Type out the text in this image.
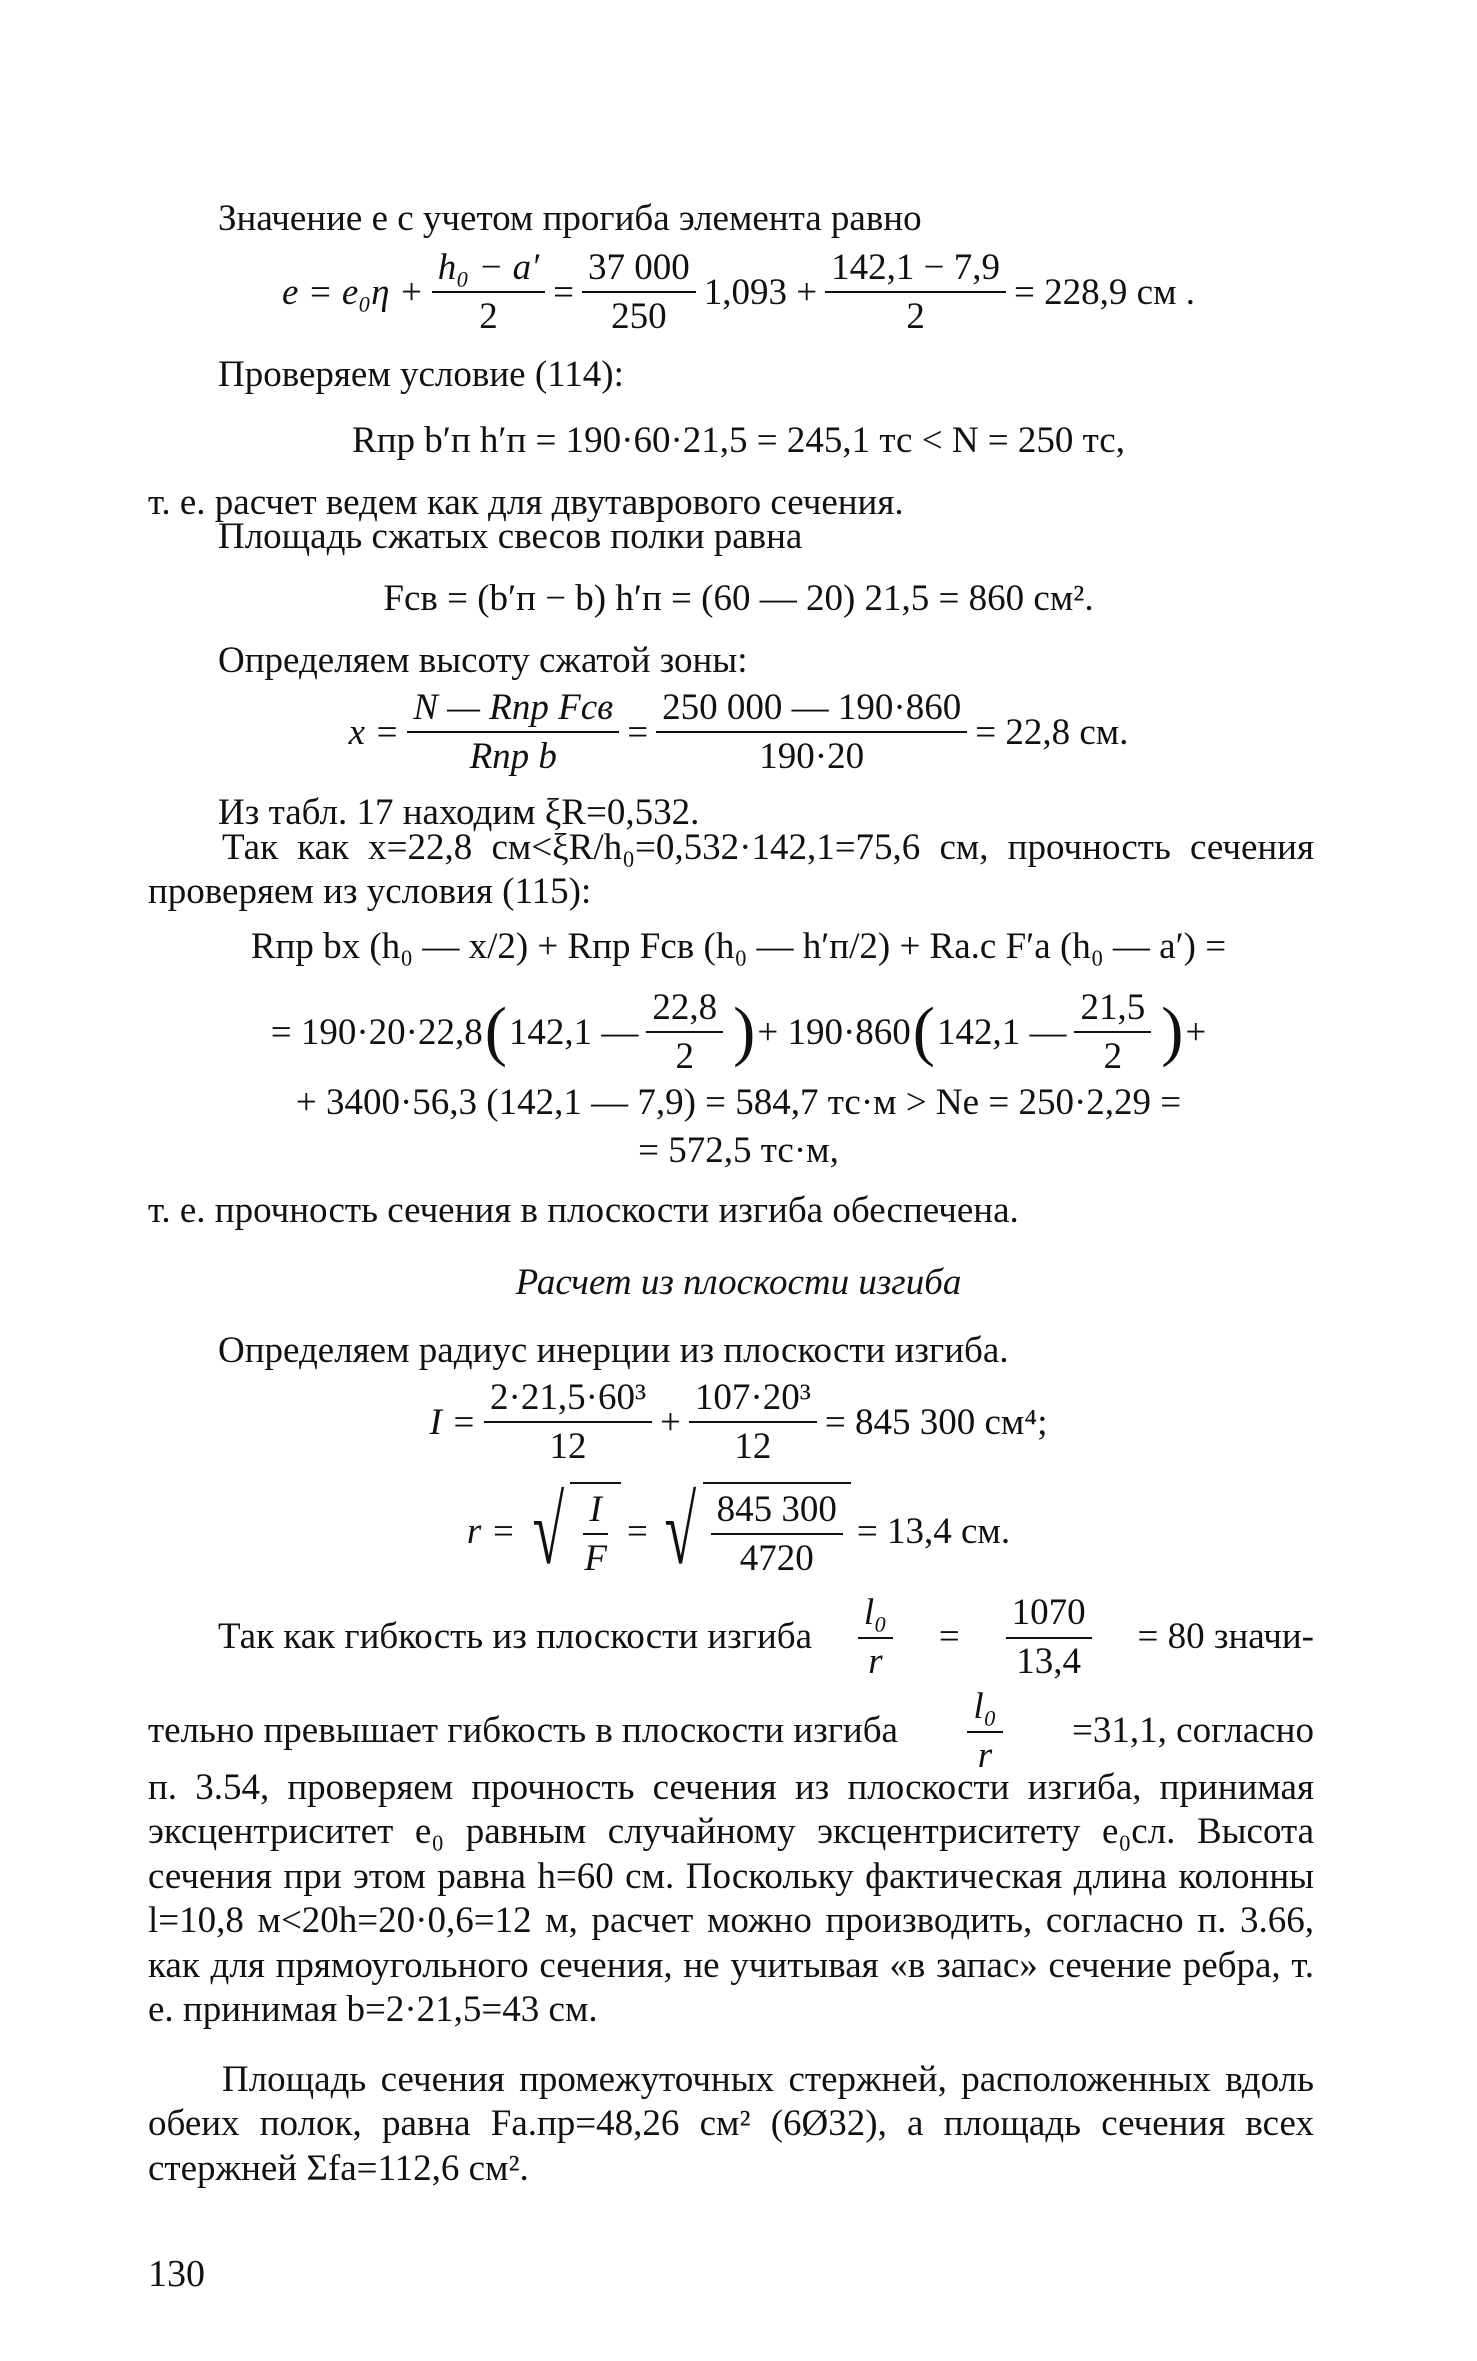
Значение e с учетом прогиба элемента равно
$e = e_0\eta + \frac{\text{h₀ − a′}}{2} = \frac{37 000}{250} 1,093 + \frac{142,1 - 7,9}{2} = 228,9$ см .
Проверяем условие (114):
Rпр b′п h′п = 190·60·21,5 = 245,1 тс < N = 250 тс,
т. е. расчет ведем как для двутаврового сечения.
Площадь сжатых свесов полки равна
Fсв = (b′п − b) h′п = (60 — 20) 21,5 = 860 см².
Определяем высоту сжатой зоны:
$x = \frac{\text{N — Rпр Fсв}}{\text{Rпр b}} = \frac{250 000 — 190\cdot 860}{190\cdot 20} = 22,8$ см.
Из табл. 17 находим ξR=0,532.
Так как x=22,8 см<ξR/h₀=0,532·142,1=75,6 см, прочность сечения проверяем из условия (115):
Rпр bx (h₀ — x/2) + Rпр Fсв (h₀ — h′п/2) + Rа.с F′а (h₀ — a′) =
= 190·20·22,8 ( 142,1 — $\frac{22,8}{2}$ ) + 190·860 ( 142,1 — $\frac{21,5}{2}$ ) +
+ 3400·56,3 (142,1 — 7,9) = 584,7 тс·м > Ne = 250·2,29 =
= 572,5 тс·м,
т. е. прочность сечения в плоскости изгиба обеспечена.
Расчет из плоскости изгиба
Определяем радиус инерции из плоскости изгиба.
$I = \frac{\text{2·21,5·60³}}{12} + \frac{\text{107·20³}}{12} = 845$ 300 см⁴;
r = √ $\frac{I}{F}$ = √ $\frac{845 300}{4720} = 13,4$ см.
Так как гибкость из плоскости изгиба $\frac{\text{l₀}}{r} = \frac{1070}{13,4} = 80$ значи-
тельно превышает гибкость в плоскости изгиба $\frac{\text{l₀}}{r} =31,1$, согласно
п. 3.54, проверяем прочность сечения из плоскости изгиба, принимая эксцентриситет e₀ равным случайному эксцентриситету e₀сл. Высота сечения при этом равна h=60 см. Поскольку фактическая длина колонны l=10,8 м<20h=20·0,6=12 м, расчет можно производить, согласно п. 3.66, как для прямоугольного сечения, не учитывая «в запас» сечение ребра, т. е. принимая b=2·21,5=43 см.
Площадь сечения промежуточных стержней, расположенных вдоль обеих полок, равна Fа.пр=48,26 см² (6Ø32), а площадь сечения всех стержней Σfа=112,6 см².
130
